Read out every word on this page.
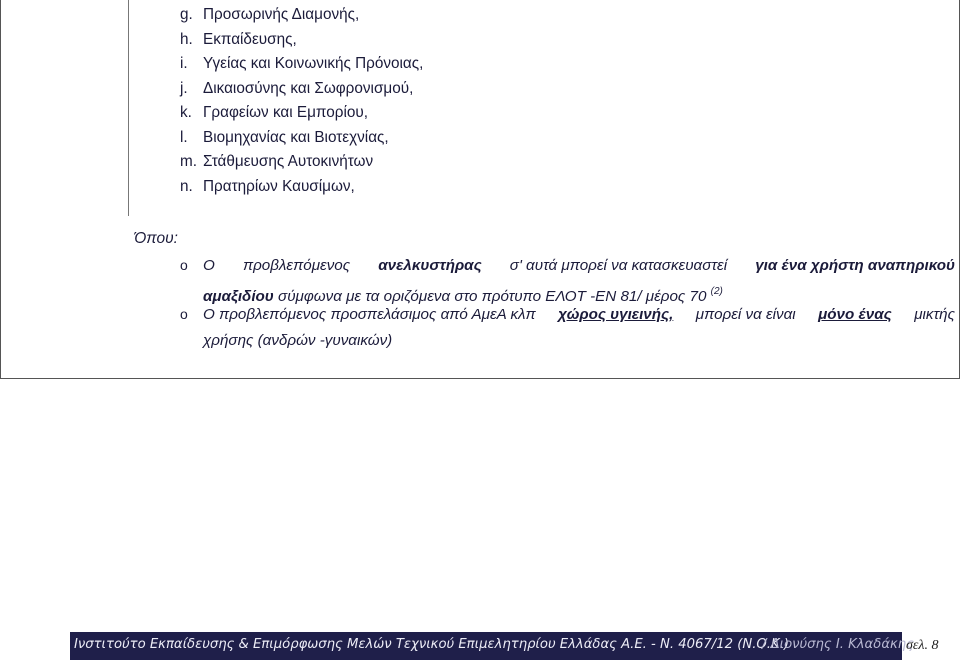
g. Προσωρινής Διαμονής,
h. Εκπαίδευσης,
i.	Υγείας και Κοινωνικής Πρόνοιας,
j.	Δικαιοσύνης και Σωφρονισμού,
k. Γραφείων και Εμπορίου,
l.	Βιομηχανίας και Βιοτεχνίας,
m. Στάθμευσης Αυτοκινήτων
n. Πρατηρίων Καυσίμων,
Όπου:
o Ο προβλεπόμενος ανελκυστήρας σ' αυτά μπορεί να κατασκευαστεί για ένα χρήστη αναπηρικού
αμαξιδίου σύμφωνα με τα οριζόμενα στο πρότυπο ΕΛΟΤ -ΕΝ 81/ μέρος 70 $^{(2)}$
o Ο προβλεπόμενος προσπελάσιμος από ΑμεΑ κλπ χώρος υγιεινής, μπορεί να είναι μόνο ένας μικτής
χρήσης (ανδρών -γυναικών)
Ινστιτούτο Εκπαίδευσης & Επιμόρφωσης Μελών Τεχνικού Επιμελητηρίου Ελλάδας Α.Ε. - Ν. 4067/12 (Ν.Ο.Κ.)
/ Διονύσης Ι. Κλαδάκης
σελ. 8
